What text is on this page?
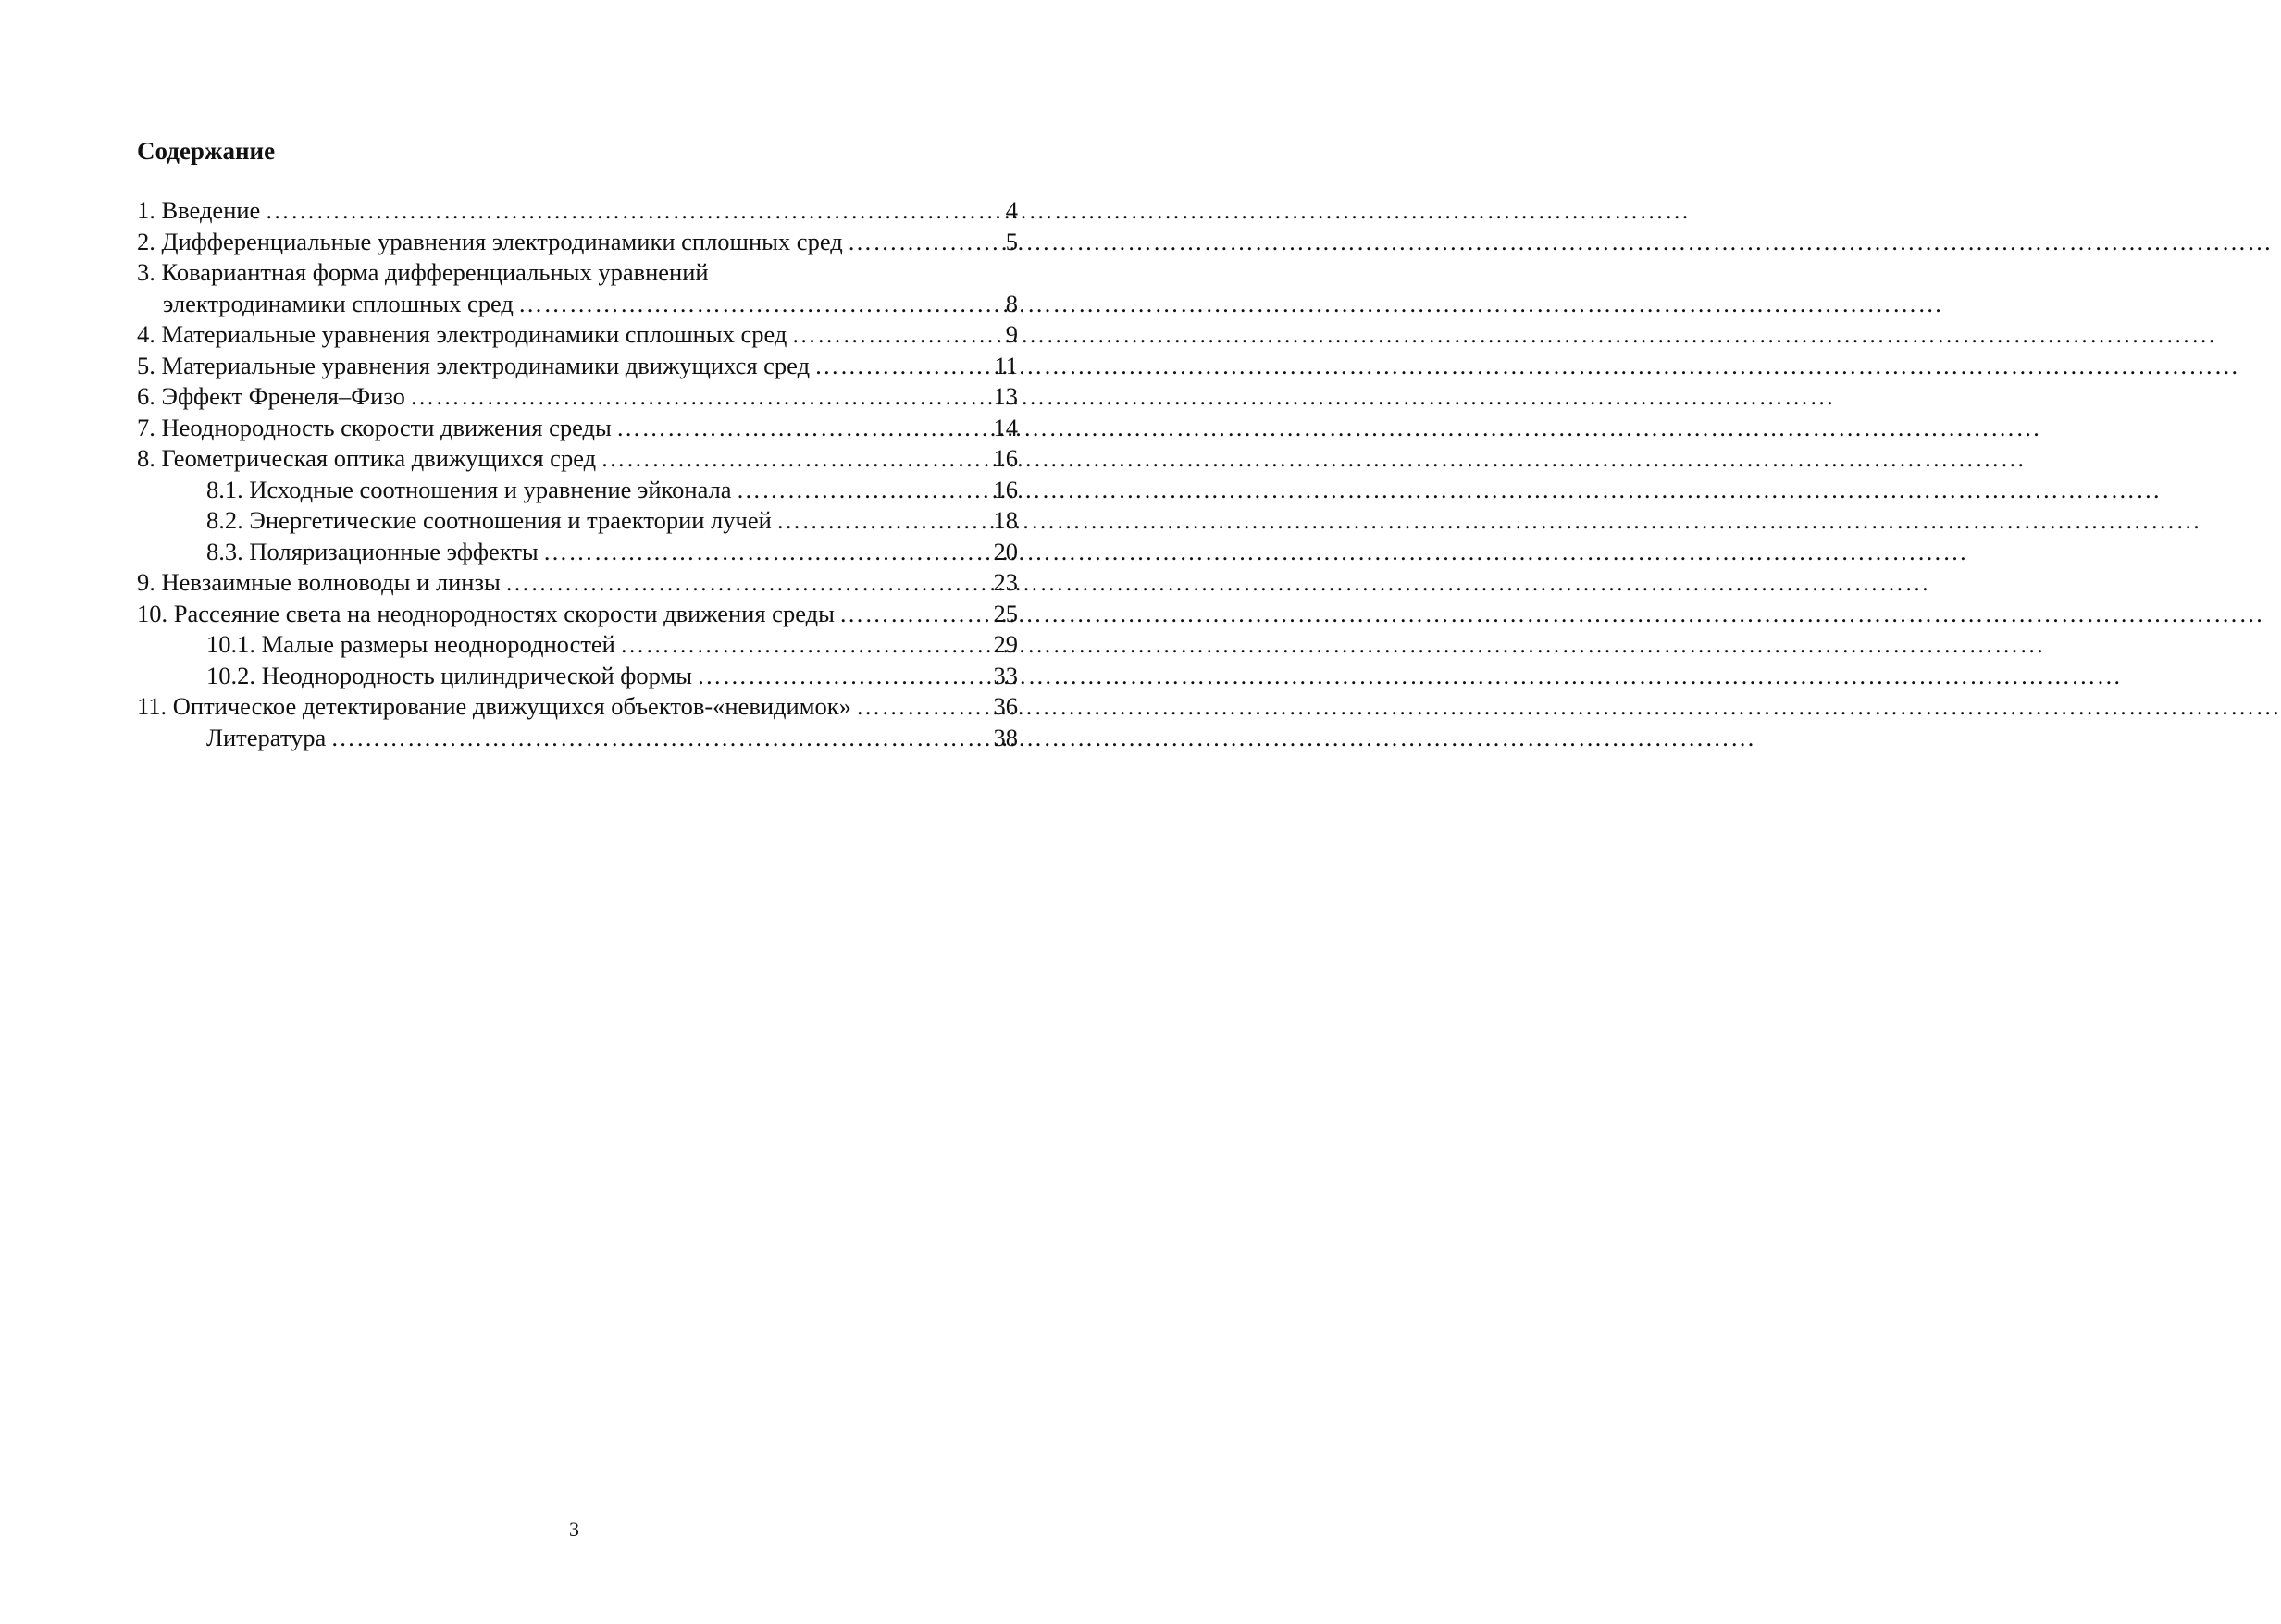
Содержание
1. Введение ……………………………………………………………………………………………………………………………………………………	4
2. Дифференциальные уравнения электродинамики сплошных сред ……………………………………………………………………………………………………………………………………………………	5
3. Ковариантная форма дифференциальных уравнений
электродинамики сплошных сред ……………………………………………………………………………………………………………………………………………………	8
4. Материальные уравнения электродинамики сплошных сред ……………………………………………………………………………………………………………………………………………………	9
5. Материальные уравнения электродинамики движущихся сред ……………………………………………………………………………………………………………………………………………………	11
6. Эффект Френеля–Физо ……………………………………………………………………………………………………………………………………………………	13
7. Неоднородность скорости движения среды ……………………………………………………………………………………………………………………………………………………	14
8. Геометрическая оптика движущихся сред ……………………………………………………………………………………………………………………………………………………	16
8.1. Исходные соотношения и уравнение эйконала ……………………………………………………………………………………………………………………………………………………	16
8.2. Энергетические соотношения и траектории лучей ……………………………………………………………………………………………………………………………………………………	18
8.3. Поляризационные эффекты ……………………………………………………………………………………………………………………………………………………	20
9. Невзаимные волноводы и линзы ……………………………………………………………………………………………………………………………………………………	23
10. Рассеяние света на неоднородностях скорости движения среды ……………………………………………………………………………………………………………………………………………………	25
10.1. Малые размеры неоднородностей ……………………………………………………………………………………………………………………………………………………	29
10.2. Неоднородность цилиндрической формы ……………………………………………………………………………………………………………………………………………………	33
11. Оптическое детектирование движущихся объектов-«невидимок» ……………………………………………………………………………………………………………………………………………………	36
Литература ……………………………………………………………………………………………………………………………………………………	38
3
